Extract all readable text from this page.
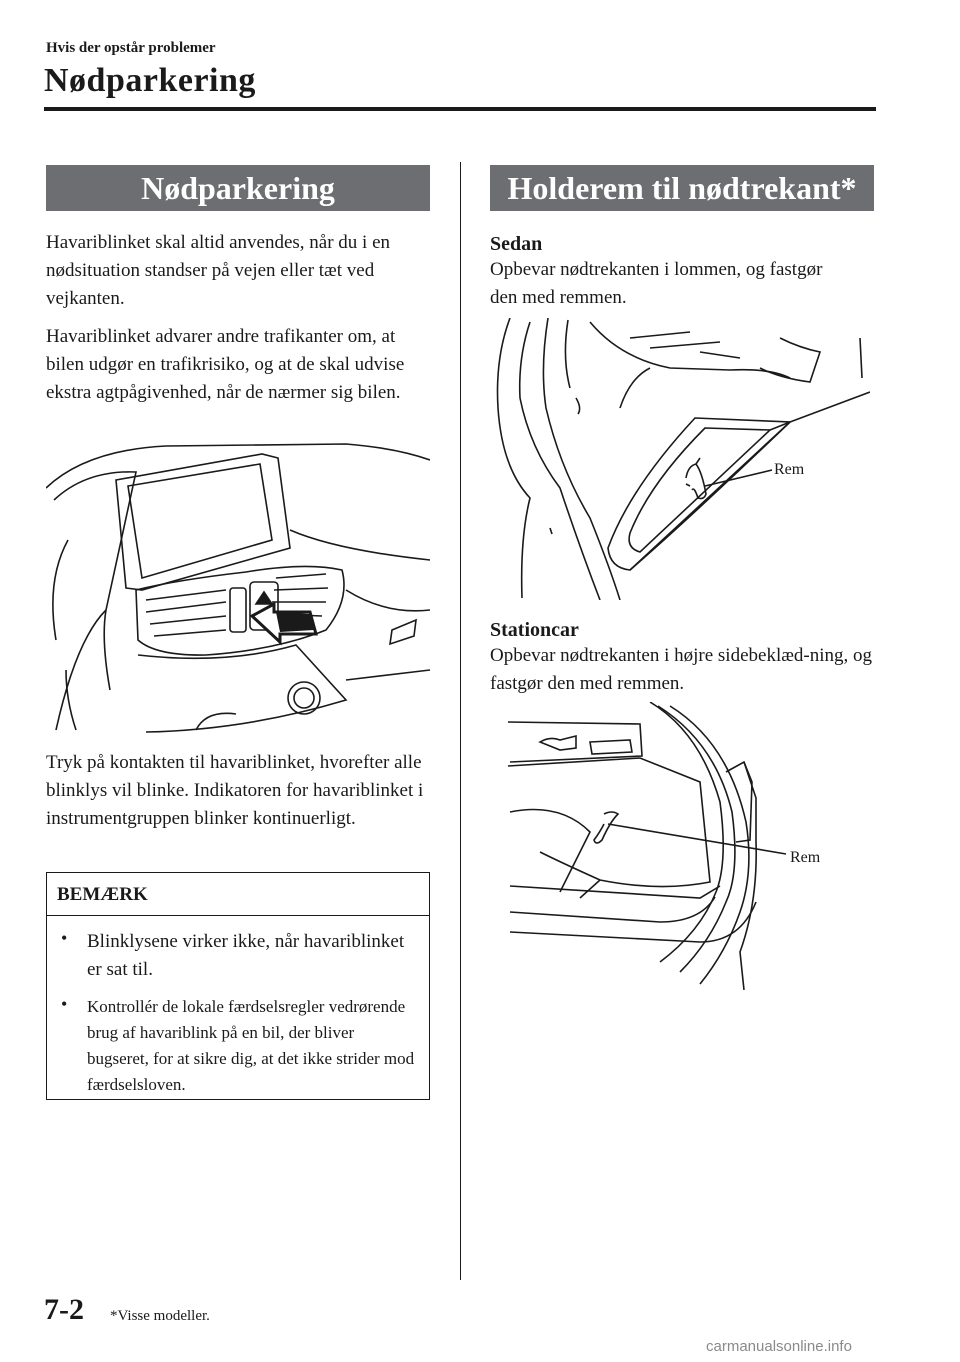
Hvis der opstår problemer
Nødparkering
Nødparkering
Havariblinket skal altid anvendes, når du i en nødsituation standser på vejen eller tæt ved vejkanten.
Havariblinket advarer andre trafikanter om, at bilen udgør en trafikrisiko, og at de skal udvise ekstra agtpågivenhed, når de nærmer sig bilen.
Tryk på kontakten til havariblinket, hvorefter alle blinklys vil blinke. Indikatoren for havariblinket i instrumentgruppen blinker kontinuerligt.
BEMÆRK
•	Blinklysene virker ikke, når havariblinket er sat til.
•	Kontrollér de lokale færdselsregler vedrørende brug af havariblink på en bil, der bliver bugseret, for at sikre dig, at det ikke strider mod færdselsloven.
Holderem til nødtrekant*
Sedan
Opbevar nødtrekanten i lommen, og fastgør den med remmen.
Rem
Stationcar
Opbevar nødtrekanten i højre sidebeklæd-ning, og fastgør den med remmen.
Rem
7-2 *Visse modeller.
carmanualsonline.info
